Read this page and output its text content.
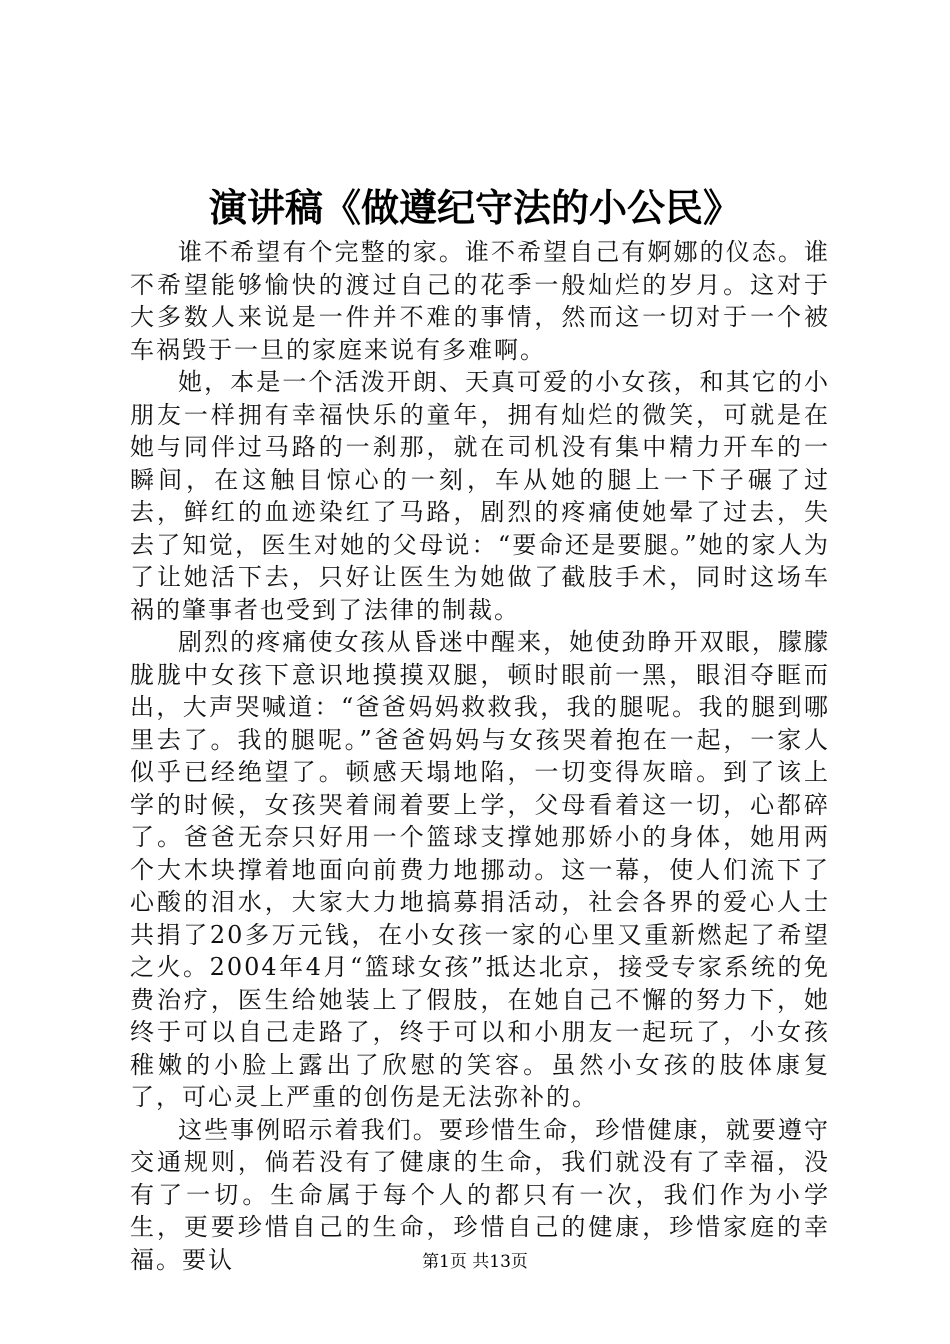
演讲稿《做遵纪守法的小公民》

谁不希望有个完整的家。谁不希望自己有婀娜的仪态。谁不希望能够愉快的渡过自己的花季一般灿烂的岁月。这对于大多数人来说是一件并不难的事情，然而这一切对于一个被车祸毁于一旦的家庭来说有多难啊。

她，本是一个活泼开朗、天真可爱的小女孩，和其它的小朋友一样拥有幸福快乐的童年，拥有灿烂的微笑，可就是在她与同伴过马路的一刹那，就在司机没有集中精力开车的一瞬间，在这触目惊心的一刻，车从她的腿上一下子碾了过去，鲜红的血迹染红了马路，剧烈的疼痛使她晕了过去，失去了知觉，医生对她的父母说：“要命还是要腿。”她的家人为了让她活下去，只好让医生为她做了截肢手术，同时这场车祸的肇事者也受到了法律的制裁。

剧烈的疼痛使女孩从昏迷中醒来，她使劲睁开双眼，朦朦胧胧中女孩下意识地摸摸双腿，顿时眼前一黑，眼泪夺眶而出，大声哭喊道：“爸爸妈妈救救我，我的腿呢。我的腿到哪里去了。我的腿呢。”爸爸妈妈与女孩哭着抱在一起，一家人似乎已经绝望了。顿感天塌地陷，一切变得灰暗。到了该上学的时候，女孩哭着闹着要上学，父母看着这一切，心都碎了。爸爸无奈只好用一个篮球支撑她那娇小的身体，她用两个大木块撑着地面向前费力地挪动。这一幕，使人们流下了心酸的泪水，大家大力地搞募捐活动，社会各界的爱心人士共捐了20多万元钱，在小女孩一家的心里又重新燃起了希望之火。2004年4月“篮球女孩”抵达北京，接受专家系统的免费治疗，医生给她装上了假肢，在她自己不懈的努力下，她终于可以自己走路了，终于可以和小朋友一起玩了，小女孩稚嫩的小脸上露出了欣慰的笑容。虽然小女孩的肢体康复了，可心灵上严重的创伤是无法弥补的。

这些事例昭示着我们。要珍惜生命，珍惜健康，就要遵守交通规则，倘若没有了健康的生命，我们就没有了幸福，没有了一切。生命属于每个人的都只有一次，我们作为小学生，更要珍惜自己的生命，珍惜自己的健康，珍惜家庭的幸福。要认	第1页 共13页
